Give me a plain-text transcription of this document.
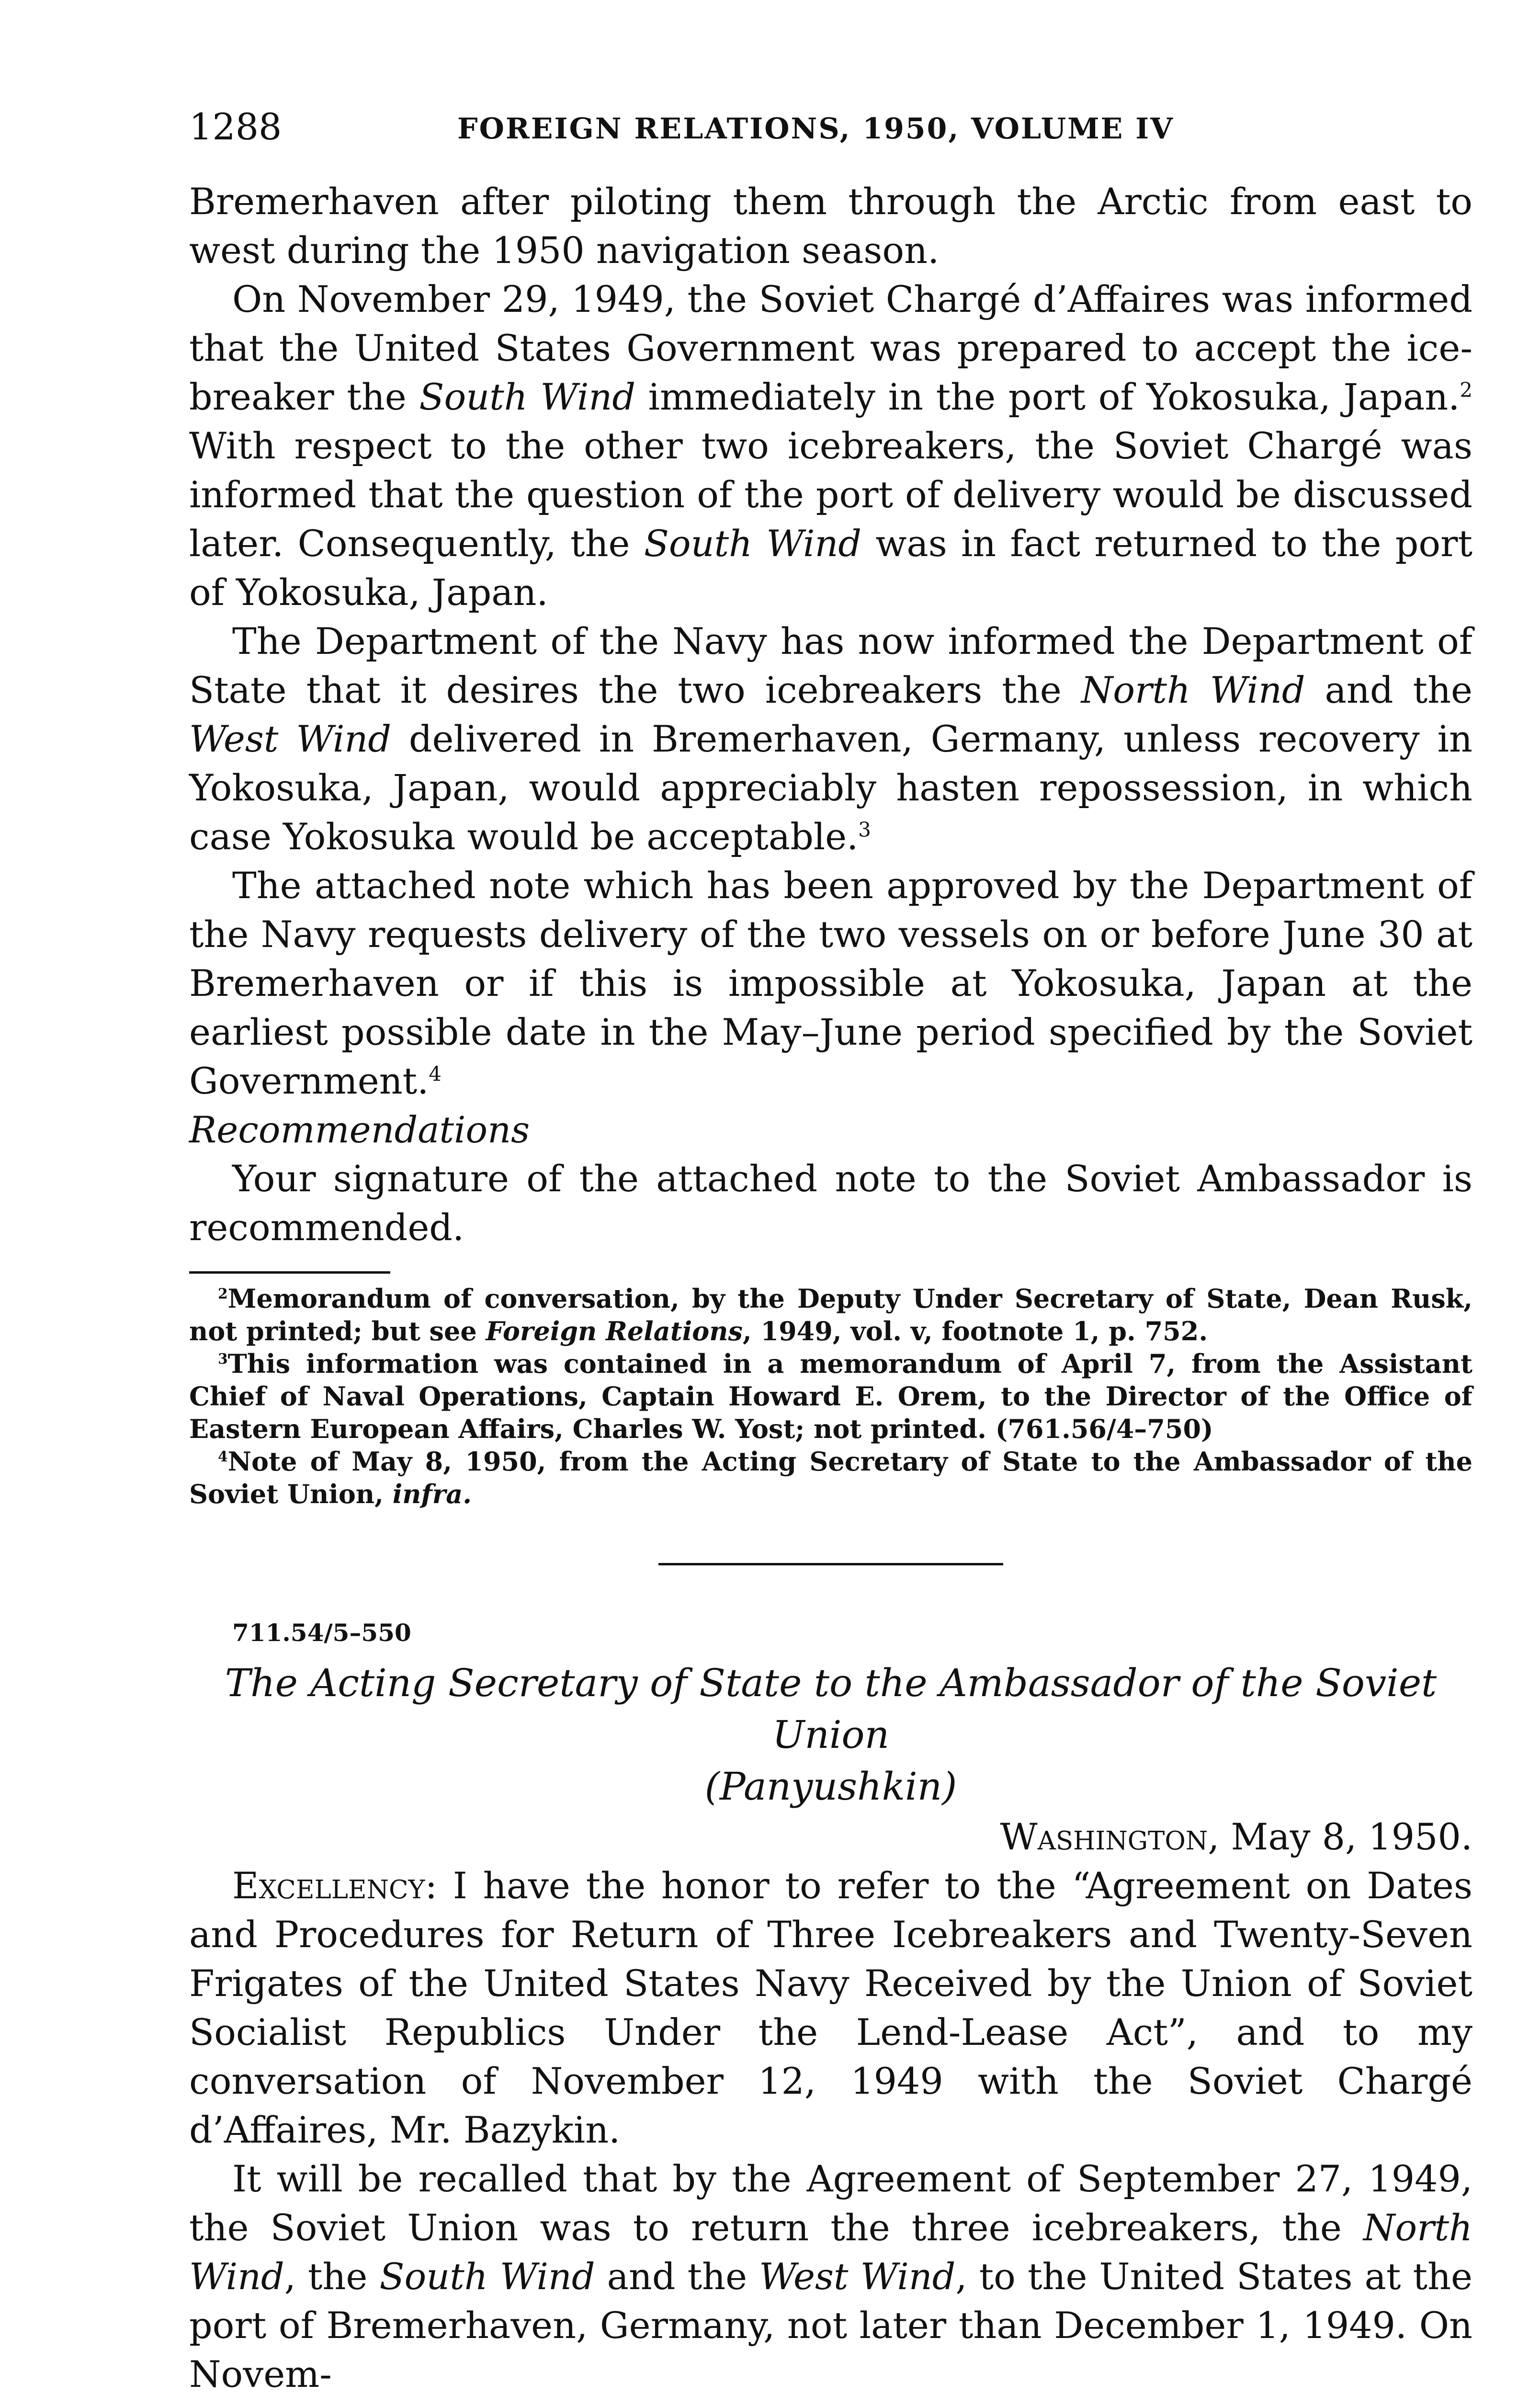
1288	FOREIGN RELATIONS, 1950, VOLUME IV

Bremerhaven after piloting them through the Arctic from east to west during the 1950 navigation season.

On November 29, 1949, the Soviet Chargé d’Affaires was informed that the United States Government was prepared to accept the ice-breaker the South Wind immediately in the port of Yokosuka, Japan.$^2$ With respect to the other two icebreakers, the Soviet Chargé was informed that the question of the port of delivery would be discussed later. Consequently, the South Wind was in fact returned to the port of Yokosuka, Japan.

The Department of the Navy has now informed the Department of State that it desires the two icebreakers the North Wind and the West Wind delivered in Bremerhaven, Germany, unless recovery in Yokosuka, Japan, would appreciably hasten repossession, in which case Yokosuka would be acceptable.$^3$

The attached note which has been approved by the Department of the Navy requests delivery of the two vessels on or before June 30 at Bremerhaven or if this is impossible at Yokosuka, Japan at the earliest possible date in the May–June period specified by the Soviet Government.$^4$

Recommendations

Your signature of the attached note to the Soviet Ambassador is recommended.

$^2$Memorandum of conversation, by the Deputy Under Secretary of State, Dean Rusk, not printed; but see Foreign Relations, 1949, vol. v, footnote 1, p. 752.

$^3$This information was contained in a memorandum of April 7, from the Assistant Chief of Naval Operations, Captain Howard E. Orem, to the Director of the Office of Eastern European Affairs, Charles W. Yost; not printed. (761.56/4–750)

$^4$Note of May 8, 1950, from the Acting Secretary of State to the Ambassador of the Soviet Union, infra.

711.54/5–550

The Acting Secretary of State to the Ambassador of the Soviet Union
(Panyushkin)

Washington, May 8, 1950.

Excellency: I have the honor to refer to the “Agreement on Dates and Procedures for Return of Three Icebreakers and Twenty-Seven Frigates of the United States Navy Received by the Union of Soviet Socialist Republics Under the Lend-Lease Act”, and to my conversation of November 12, 1949 with the Soviet Chargé d’Affaires, Mr. Bazykin.

It will be recalled that by the Agreement of September 27, 1949, the Soviet Union was to return the three icebreakers, the North Wind, the South Wind and the West Wind, to the United States at the port of Bremerhaven, Germany, not later than December 1, 1949. On Novem-
